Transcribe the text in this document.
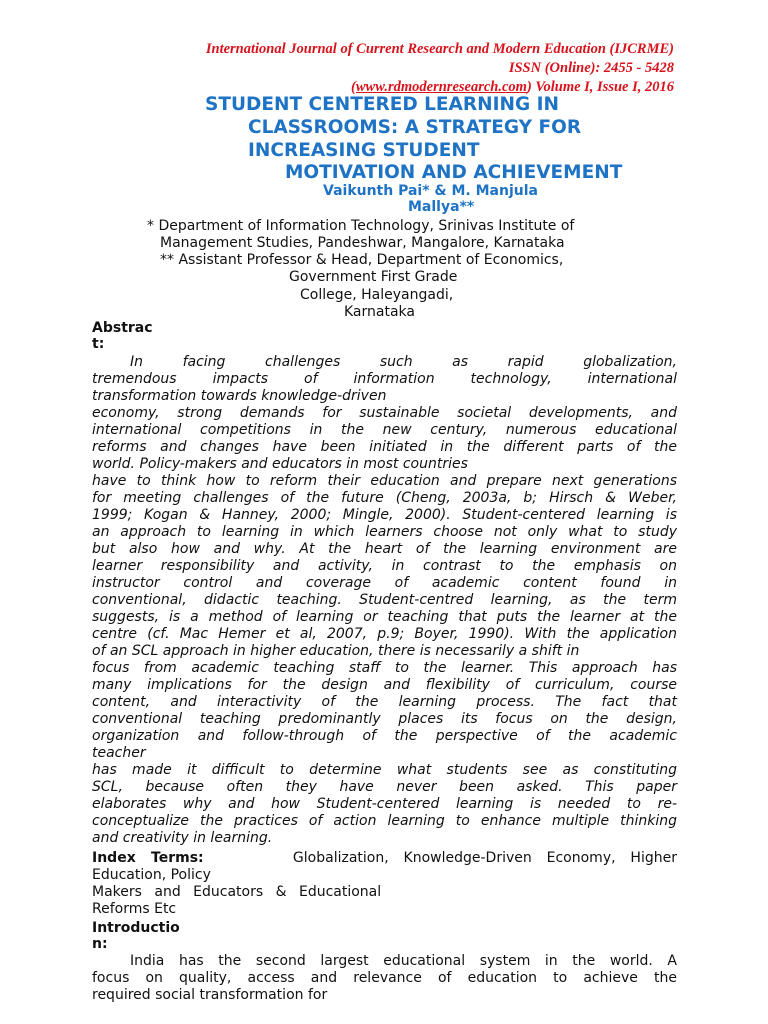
International Journal of Current Research and Modern Education (IJCRME)
ISSN (Online): 2455 - 5428
(www.rdmodernresearch.com) Volume I, Issue I, 2016
STUDENT CENTERED LEARNING IN
CLASSROOMS: A STRATEGY FOR
INCREASING STUDENT
MOTIVATION AND ACHIEVEMENT
Vaikunth Pai* & M. Manjula
Mallya**
* Department of Information Technology, Srinivas Institute of
Management Studies, Pandeshwar, Mangalore, Karnataka
** Assistant Professor & Head, Department of Economics,
Government First Grade
College, Haleyangadi,
Karnataka
Abstrac
t:
In facing challenges such as rapid globalization,
tremendous impacts of information technology, international
transformation towards knowledge-driven
economy, strong demands for sustainable societal developments, and
international competitions in the new century, numerous educational
reforms and changes have been initiated in the different parts of the
world. Policy-makers and educators in most countries
have to think how to reform their education and prepare next generations
for meeting challenges of the future (Cheng, 2003a, b; Hirsch & Weber,
1999; Kogan & Hanney, 2000; Mingle, 2000). Student-centered learning is
an approach to learning in which learners choose not only what to study
but also how and why. At the heart of the learning environment are
learner responsibility and activity, in contrast to the emphasis on
instructor control and coverage of academic content found in
conventional, didactic teaching. Student-centred learning, as the term
suggests, is a method of learning or teaching that puts the learner at the
centre (cf. Mac Hemer et al, 2007, p.9; Boyer, 1990). With the application
of an SCL approach in higher education, there is necessarily a shift in
focus from academic teaching staff to the learner. This approach has
many implications for the design and flexibility of curriculum, course
content, and interactivity of the learning process. The fact that
conventional teaching predominantly places its focus on the design,
organization and follow-through of the perspective of the academic
teacher
has made it difficult to determine what students see as constituting
SCL, because often they have never been asked. This paper
elaborates why and how Student-centered learning is needed to re-
conceptualize the practices of action learning to enhance multiple thinking
and creativity in learning.
Index Terms:	Globalization, Knowledge-Driven Economy, Higher
Education, Policy
Makers and Educators & Educational
Reforms Etc
Introductio
n:
India has the second largest educational system in the world. A
focus on quality, access and relevance of education to achieve the
required social transformation for
